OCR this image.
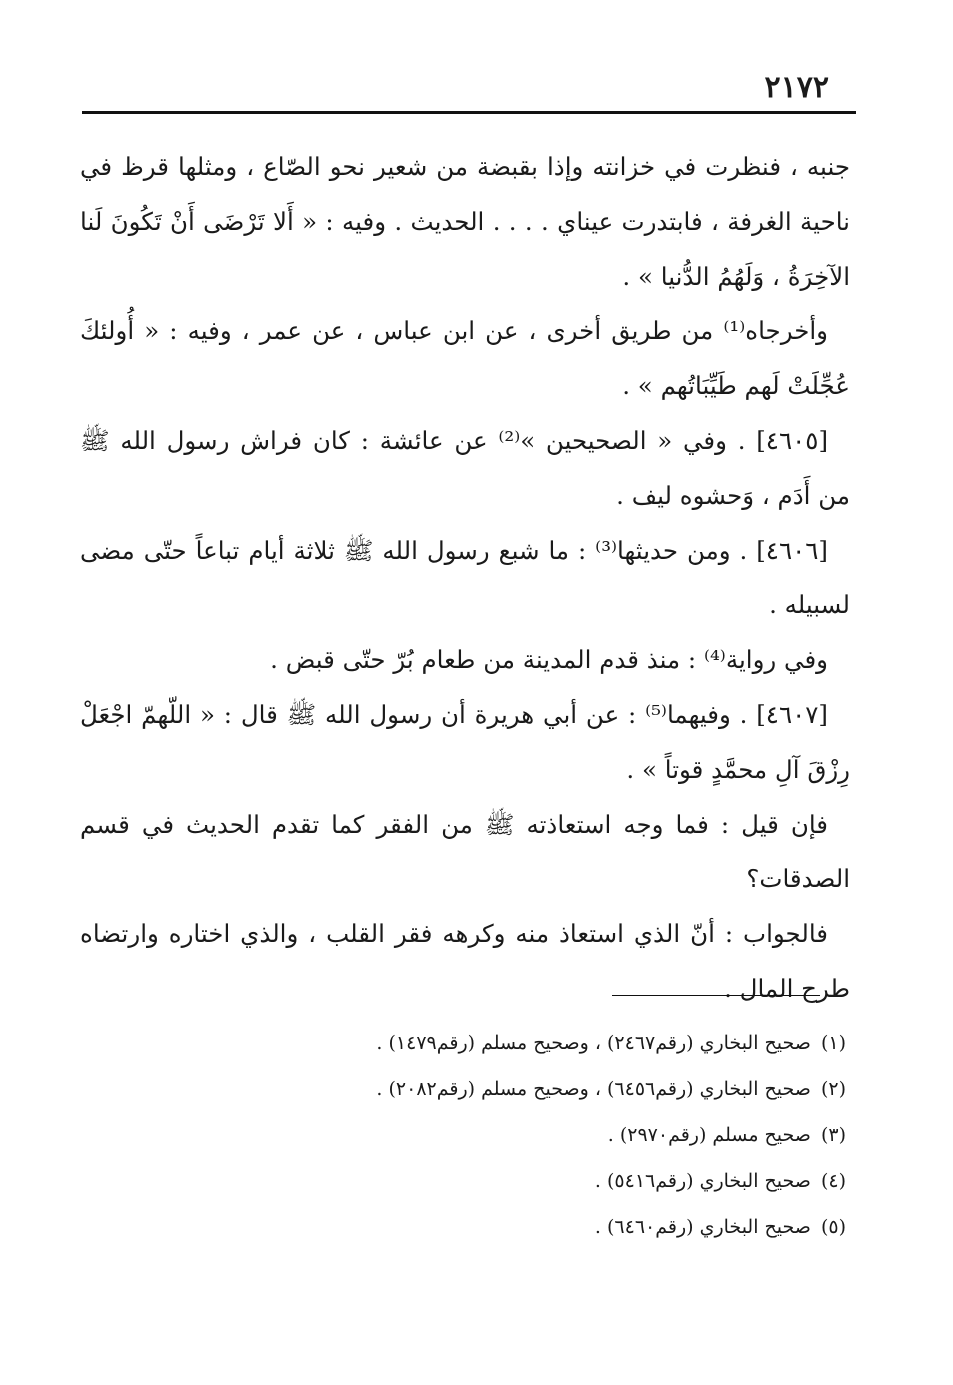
٢١٧٢

جنبه ، فنظرت في خزانته وإذا بقبضة من شعير نحو الصّاع ، ومثلها قرظ في ناحية الغرفة ، فابتدرت عيناي . . . . الحديث . وفيه : « أَلا تَرْضَى أَنْ تَكُونَ لَنا الآخِرَةُ ، وَلَهُمُ الدُّنيا » .

وأخرجاه⁽¹⁾ من طريق أخرى ، عن ابن عباس ، عن عمر ، وفيه : « أُولئكَ عُجِّلَتْ لَهم طَيِّبَاتُهم » .

[٤٦٠٥] . وفي « الصحيحين »⁽²⁾ عن عائشة : كان فراش رسول الله ﷺ من أَدَم ، وَحشوه ليف .

[٤٦٠٦] . ومن حديثها⁽³⁾ : ما شبع رسول الله ﷺ ثلاثة أيام تباعاً حتّى مضى لسبيله .

وفي رواية⁽⁴⁾ : منذ قدم المدينة من طعام بُرّ حتّى قبض .

[٤٦٠٧] . وفيهما⁽⁵⁾ : عن أبي هريرة أن رسول الله ﷺ قال : « اللّهمّ اجْعَلْ رِزْقَ آلِ محمَّدٍ قوتاً » .

فإن قيل : فما وجه استعاذته ﷺ من الفقر كما تقدم الحديث في قسم الصدقات؟

فالجواب : أنّ الذي استعاذ منه وكرهه فقر القلب ، والذي اختاره وارتضاه طرح المال .

(١)صحيح البخاري (رقم٢٤٦٧) ، وصحيح مسلم (رقم١٤٧٩) .

(٢)صحيح البخاري (رقم٦٤٥٦) ، وصحيح مسلم (رقم٢٠٨٢) .

(٣)صحيح مسلم (رقم٢٩٧٠) .

(٤)صحيح البخاري (رقم٥٤١٦) .

(٥)صحيح البخاري (رقم٦٤٦٠) .
